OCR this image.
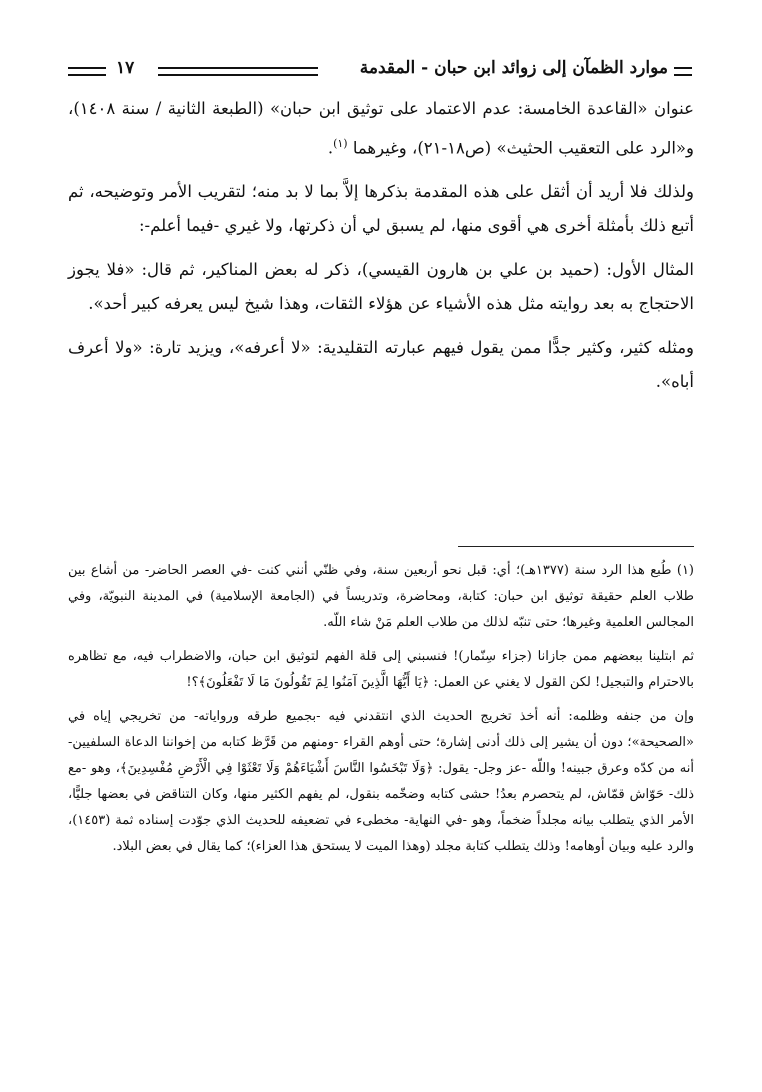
موارد الظمآن إلى زوائد ابن حبان - المقدمة
١٧

عنوان «القاعدة الخامسة: عدم الاعتماد على توثيق ابن حبان» (الطبعة الثانية / سنة ١٤٠٨)، و«الرد على التعقيب الحثيث» (ص١٨-٢١)، وغيرهما $^{(١)}$.

ولذلك فلا أريد أن أثقل على هذه المقدمة بذكرها إلاَّ بما لا بد منه؛ لتقريب الأمر وتوضيحه، ثم أتبع ذلك بأمثلة أخرى هي أقوى منها، لم يسبق لي أن ذكرتها، ولا غيري -فيما أعلم-:

المثال الأول: (حميد بن علي بن هارون القيسي)، ذكر له بعض المناكير، ثم قال: «فلا يجوز الاحتجاج به بعد روايته مثل هذه الأشياء عن هؤلاء الثقات، وهذا شيخ ليس يعرفه كبير أحد».

ومثله كثير، وكثير جدًّا ممن يقول فيهم عبارته التقليدية: «لا أعرفه»، ويزيد تارة: «ولا أعرف أباه».

(١) طُبع هذا الرد سنة (١٣٧٧هـ)؛ أي: قبل نحو أربعين سنة، وفي ظنّي أنني كنت -في العصر الحاضر- من أشاع بين طلاب العلم حقيقة توثيق ابن حبان: كتابة، ومحاضرة، وتدريساً في (الجامعة الإسلامية) في المدينة النبويّة، وفي المجالس العلمية وغيرها؛ حتى تنبّه لذلك من طلاب العلم مَنْ شاء اللّه.

ثم ابتلينا ببعضهم ممن جازانا (جزاء سِنّمار)! فنسبني إلى قلة الفهم لتوثيق ابن حبان، والاضطراب فيه، مع تظاهره بالاحترام والتبجيل! لكن القول لا يغني عن العمل: ﴿يَا أَيُّهَا الَّذِينَ آمَنُوا لِمَ تَقُولُونَ مَا لَا تَفْعَلُونَ﴾؟!

وإن من جنفه وظلمه: أنه أخذ تخريج الحديث الذي انتقدني فيه -بجميع طرقه ورواياته- من تخريجي إياه في «الصحيحة»؛ دون أن يشير إلى ذلك أدنى إشارة؛ حتى أوهم القراء -ومنهم من قَرَّظ كتابه من إخواننا الدعاة السلفيين- أنه من كدّه وعرق جبينه! واللّه -عز وجل- يقول: ﴿وَلَا تَبْخَسُوا النَّاسَ أَشْيَاءَهُمْ وَلَا تَعْثَوْا فِي الْأَرْضِ مُفْسِدِينَ﴾، وهو -مع ذلك- حَوّاش قمّاش، لم يتحصرم بعدُ! حشى كتابه وضخّمه بنقول، لم يفهم الكثير منها، وكان التناقض في بعضها جليًّا، الأمر الذي يتطلب بيانه مجلداً ضخماً، وهو -في النهاية- مخطىء في تضعيفه للحديث الذي جوّدت إسناده ثمة (١٤٥٣)، والرد عليه وبيان أوهامه! وذلك يتطلب كتابة مجلد (وهذا الميت لا يستحق هذا العزاء)؛ كما يقال في بعض البلاد.
